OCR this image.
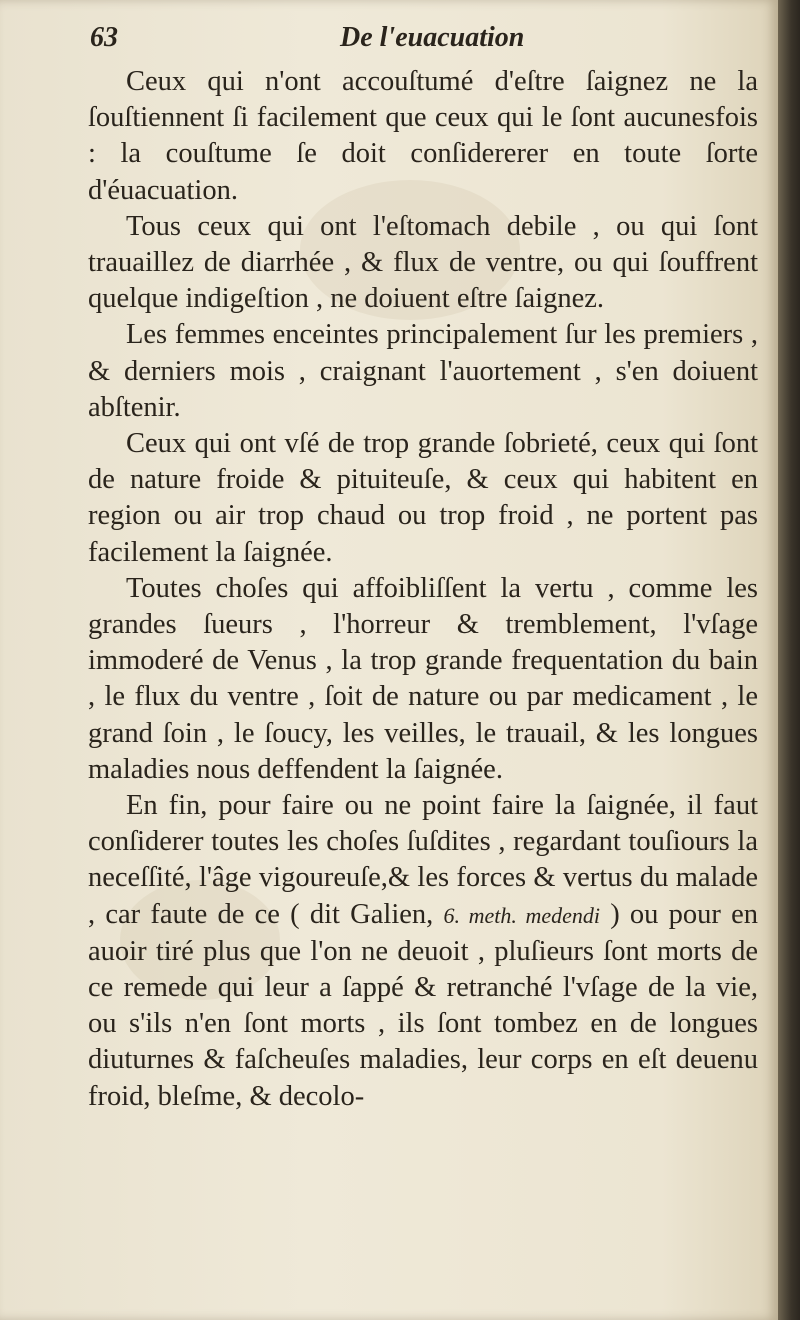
63	De l'euacuation

Ceux qui n'ont accouſtumé d'eſtre ſaignez ne la ſouſtiennent ſi facilement que ceux qui le ſont aucunesfois : la couſtume ſe doit conſidererer en toute ſorte d'éuacuation.

Tous ceux qui ont l'eſtomach debile , ou qui ſont trauaillez de diarrhée , & flux de ventre, ou qui ſouffrent quelque indigeſtion , ne doiuent eſtre ſaignez.

Les femmes enceintes principalement ſur les premiers , & derniers mois , craignant l'auortement , s'en doiuent abſtenir.

Ceux qui ont vſé de trop grande ſobrieté, ceux qui ſont de nature froide & pituiteuſe, & ceux qui habitent en region ou air trop chaud ou trop froid , ne portent pas facilement la ſaignée.

Toutes choſes qui affoibliſſent la vertu , comme les grandes ſueurs , l'horreur & tremblement, l'vſage immoderé de Venus , la trop grande frequentation du bain , le flux du ventre , ſoit de nature ou par medicament , le grand ſoin , le ſoucy, les veilles, le trauail, & les longues maladies nous deffendent la ſaignée.

En fin, pour faire ou ne point faire la ſaignée, il faut conſiderer toutes les choſes ſuſdites , regardant touſiours la neceſſité, l'âge vigoureuſe,& les forces & vertus du malade , car faute de ce ( dit Galien, 6. meth. medendi ) ou pour en auoir tiré plus que l'on ne deuoit , pluſieurs ſont morts de ce remede qui leur a ſappé & retranché l'vſage de la vie, ou s'ils n'en ſont morts , ils ſont tombez en de longues diuturnes & faſcheuſes maladies, leur corps en eſt deuenu froid, bleſme, & decolo-
